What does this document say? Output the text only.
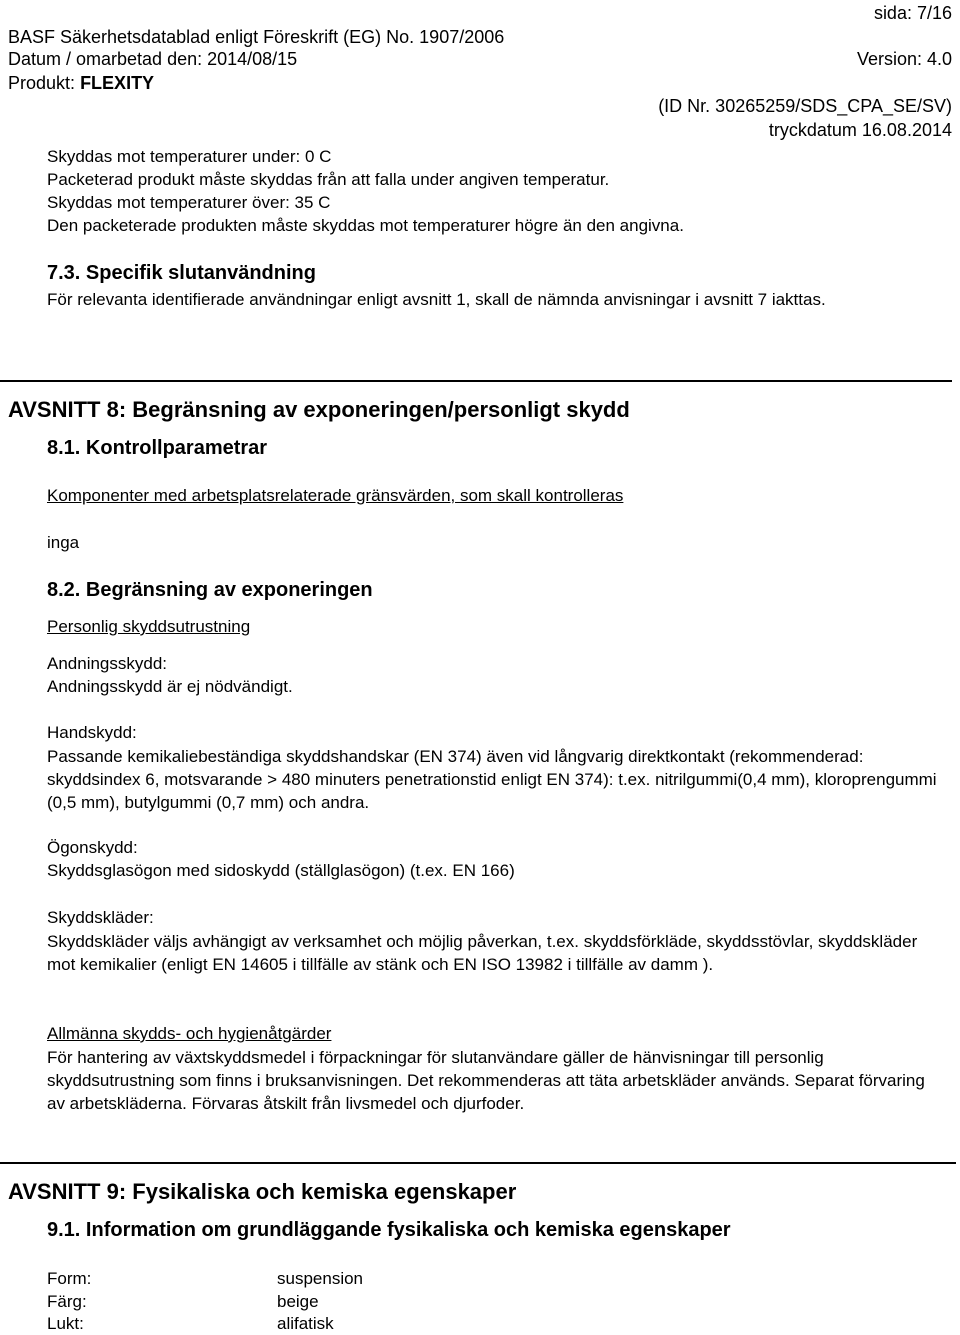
sida: 7/16
BASF Säkerhetsdatablad enligt Föreskrift (EG) No. 1907/2006
Datum / omarbetad den: 2014/08/15	Version: 4.0
Produkt: FLEXITY
(ID Nr. 30265259/SDS_CPA_SE/SV)
tryckdatum 16.08.2014
Skyddas mot temperaturer under: 0 C
Packeterad produkt måste skyddas från att falla under angiven temperatur.
Skyddas mot temperaturer över: 35 C
Den packeterade produkten måste skyddas mot temperaturer högre än den angivna.
7.3. Specifik slutanvändning
För relevanta identifierade användningar enligt avsnitt 1, skall de nämnda anvisningar i avsnitt 7 iakttas.
AVSNITT 8: Begränsning av exponeringen/personligt skydd
8.1. Kontrollparametrar
Komponenter med arbetsplatsrelaterade gränsvärden, som skall kontrolleras
inga
8.2. Begränsning av exponeringen
Personlig skyddsutrustning
Andningsskydd:
Andningsskydd är ej nödvändigt.
Handskydd:
Passande kemikaliebeständiga skyddshandskar (EN 374) även vid långvarig direktkontakt (rekommenderad: skyddsindex 6, motsvarande > 480 minuters penetrationstid enligt EN 374): t.ex. nitrilgummi(0,4 mm), kloroprengummi (0,5 mm), butylgummi (0,7 mm) och andra.
Ögonskydd:
Skyddsglasögon med sidoskydd (ställglasögon) (t.ex. EN 166)
Skyddskläder:
Skyddskläder väljs avhängigt av verksamhet och möjlig påverkan, t.ex. skyddsförkläde, skyddsstövlar, skyddskläder mot kemikalier (enligt EN 14605 i tillfälle av stänk och EN ISO 13982 i tillfälle av damm ).
Allmänna skydds- och hygienåtgärder
För hantering av växtskyddsmedel i förpackningar för slutanvändare gäller de hänvisningar till personlig skyddsutrustning som finns i bruksanvisningen. Det rekommenderas att täta arbetskläder används. Separat förvaring av arbetskläderna. Förvaras åtskilt från livsmedel och djurfoder.
AVSNITT 9: Fysikaliska och kemiska egenskaper
9.1. Information om grundläggande fysikaliska och kemiska egenskaper
Form:	suspension
Färg:	beige
Lukt:	alifatisk
